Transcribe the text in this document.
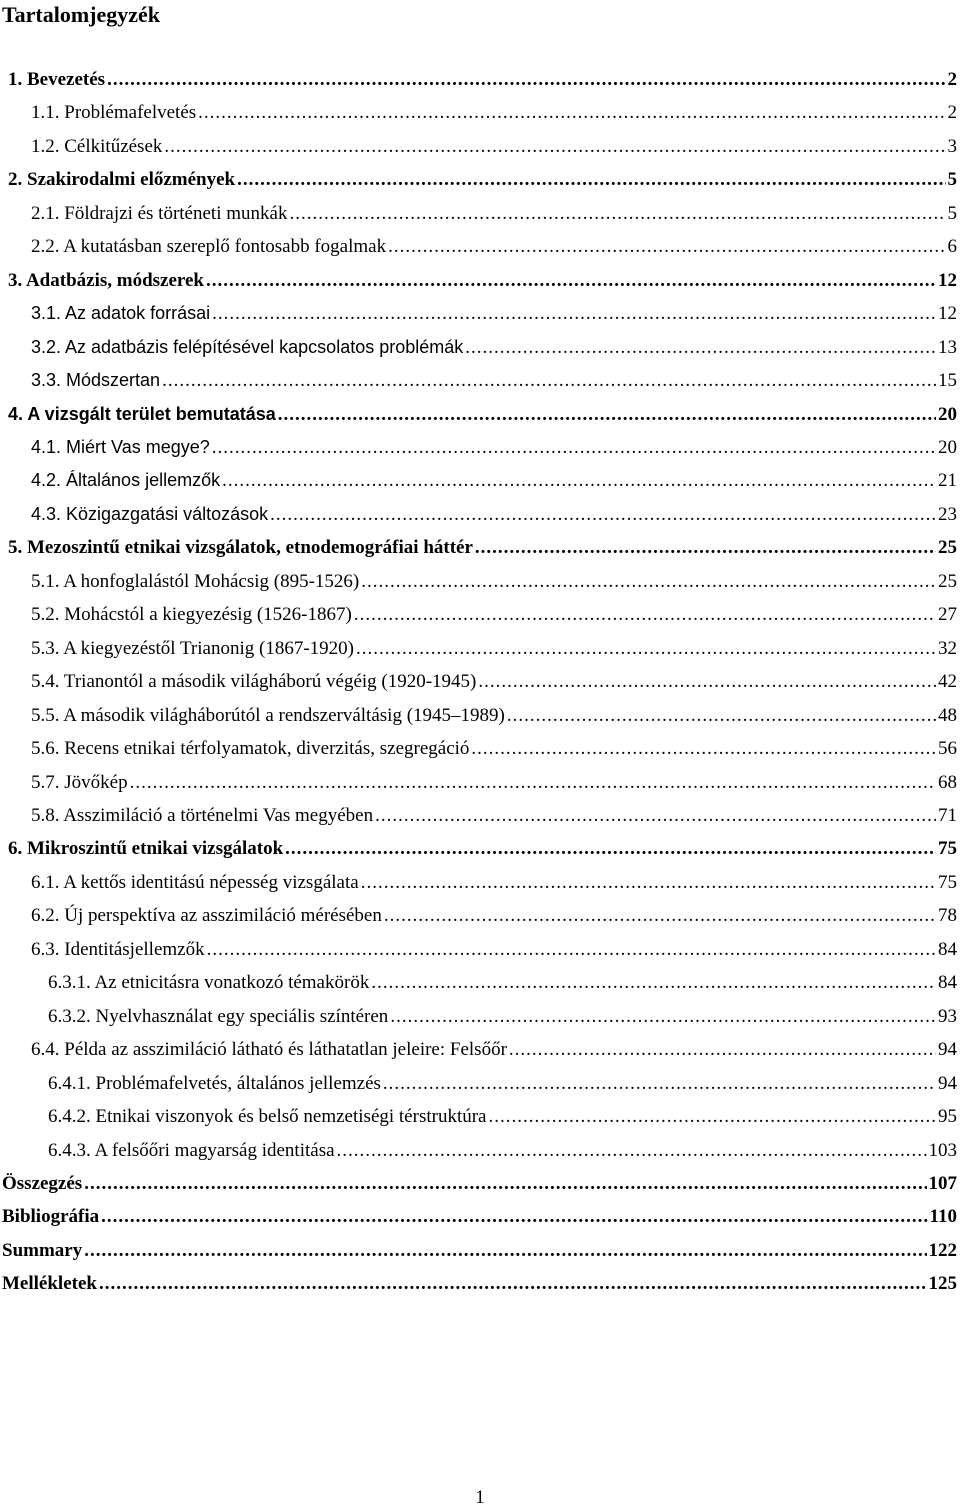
Tartalomjegyzék
1. Bevezetés .....	2
1.1. Problémafelvetés .....	2
1.2. Célkitűzések .....	3
2. Szakirodalmi előzmények .....	5
2.1. Földrajzi és történeti munkák .....	5
2.2. A kutatásban szereplő fontosabb fogalmak .....	6
3. Adatbázis, módszerek .....	12
3.1. Az adatok forrásai .....	12
3.2. Az adatbázis felépítésével kapcsolatos problémák .....	13
3.3. Módszertan .....	15
4. A vizsgált terület bemutatása .....	20
4.1. Miért Vas megye? .....	20
4.2. Általános jellemzők .....	21
4.3. Közigazgatási változások .....	23
5. Mezoszintű etnikai vizsgálatok, etnodemográfiai háttér .....	25
5.1. A honfoglalástól Mohácsig (895-1526) .....	25
5.2. Mohácstól a kiegyezésig (1526-1867) .....	27
5.3. A kiegyezéstől Trianonig (1867-1920) .....	32
5.4. Trianontól a második világháború végéig (1920-1945) .....	42
5.5. A második világháborútól a rendszerváltásig (1945–1989) .....	48
5.6. Recens etnikai térfolyamatok, diverzitás, szegregáció .....	56
5.7. Jövőkép .....	68
5.8. Asszimiláció a történelmi Vas megyében .....	71
6. Mikroszintű etnikai vizsgálatok .....	75
6.1. A kettős identitású népesség vizsgálata .....	75
6.2. Új perspektíva az asszimiláció mérésében .....	78
6.3. Identitásjellemzők .....	84
6.3.1. Az etnicitásra vonatkozó témakörök .....	84
6.3.2. Nyelvhasználat egy speciális színtéren .....	93
6.4. Példa az asszimiláció látható és láthatatlan jeleire: Felsőőr .....	94
6.4.1. Problémafelvetés, általános jellemzés .....	94
6.4.2. Etnikai viszonyok és belső nemzetiségi térstruktúra .....	95
6.4.3. A felsőőri magyarság identitása .....	103
Összegzés .....	107
Bibliográfia .....	110
Summary .....	122
Mellékletek .....	125
1
